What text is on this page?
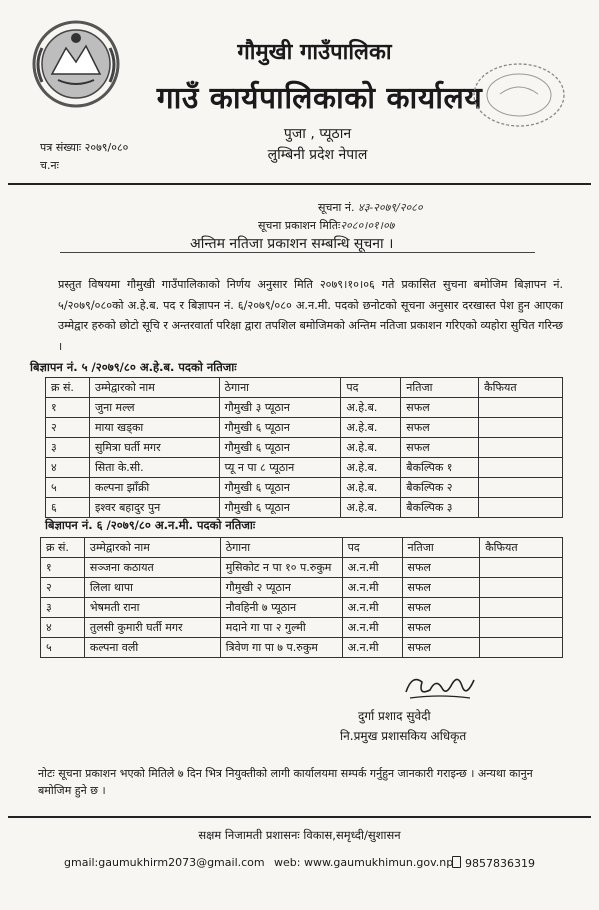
गौमुखी गाउँपालिका
गाउँ कार्यपालिकाको कार्यालय
पुजा , प्यूठान
लुम्बिनी प्रदेश नेपाल
पत्र संख्याः २०७९/०८०
च.नः
सूचना नं. ४३-२०७९/२०८०
सूचना प्रकाशन मितिः२०८०।०१।०७
अन्तिम नतिजा प्रकाशन सम्बन्धि सूचना ।
प्रस्तुत विषयमा गौमुखी गाउँपालिकाको निर्णय अनुसार मिति २०७९।१०।०६ गते प्रकासित सुचना बमोजिम बिज्ञापन नं. ५/२०७९/०८०को अ.हे.ब. पद र बिज्ञापन नं. ६/२०७९/०८० अ.न.मी. पदको छनोटको सूचना अनुसार दरखास्त पेश हुन आएका उम्मेद्वार हरुको छोटो सूचि र अन्तरवार्ता परिक्षा द्वारा तपशिल बमोजिमको अन्तिम नतिजा प्रकाशन गरिएको व्यहोरा सुचित गरिन्छ ।
बिज्ञापन नं. ५ /२०७९/८० अ.हे.ब. पदको नतिजाः
क्र सं.	उम्मेद्वारको नाम	ठेगाना	पद	नतिजा	कैफियत
१	जुना मल्ल	गौमुखी ३ प्यूठान	अ.हे.ब.	सफल	
२	माया खड्का	गौमुखी ६ प्यूठान	अ.हे.ब.	सफल	
३	सुमित्रा घर्ती मगर	गौमुखी ६ प्यूठान	अ.हे.ब.	सफल	
४	सिता के.सी.	प्यू न पा ८ प्यूठान	अ.हे.ब.	बैकल्पिक १	
५	कल्पना झाँक्री	गौमुखी ६ प्यूठान	अ.हे.ब.	बैकल्पिक २	
६	इश्वर बहादुर पुन	गौमुखी ६ प्यूठान	अ.हे.ब.	बैकल्पिक ३	
बिज्ञापन नं. ६ /२०७९/८० अ.न.मी. पदको नतिजाः
क्र सं.	उम्मेद्वारको नाम	ठेगाना	पद	नतिजा	कैफियत
१	सञ्जना कठायत	मुसिकोट न पा १० प.रुकुम	अ.न.मी	सफल	
२	लिला थापा	गौमुखी २ प्यूठान	अ.न.मी	सफल	
३	भेषमती राना	नौवहिनी ७ प्यूठान	अ.न.मी	सफल	
४	तुलसी कुमारी घर्ती मगर	मदाने गा पा २ गुल्मी	अ.न.मी	सफल	
५	कल्पना वली	त्रिवेण गा पा ७ प.रुकुम	अ.न.मी	सफल	
दुर्गा प्रशाद सुवेदी
नि.प्रमुख प्रशासकिय अधिकृत
नोटः सूचना प्रकाशन भएको मितिले ७ दिन भित्र नियुक्तीको लागी कार्यालयमा सम्पर्क गर्नुहुन जानकारी गराइन्छ । अन्यथा कानुन बमोजिम हुने छ ।
सक्षम निजामती प्रशासनः विकास,समृध्दी/सुशासन
gmail:gaumukhirm2073@gmail.com web: www.gaumukhimun.gov.np	9857836319
